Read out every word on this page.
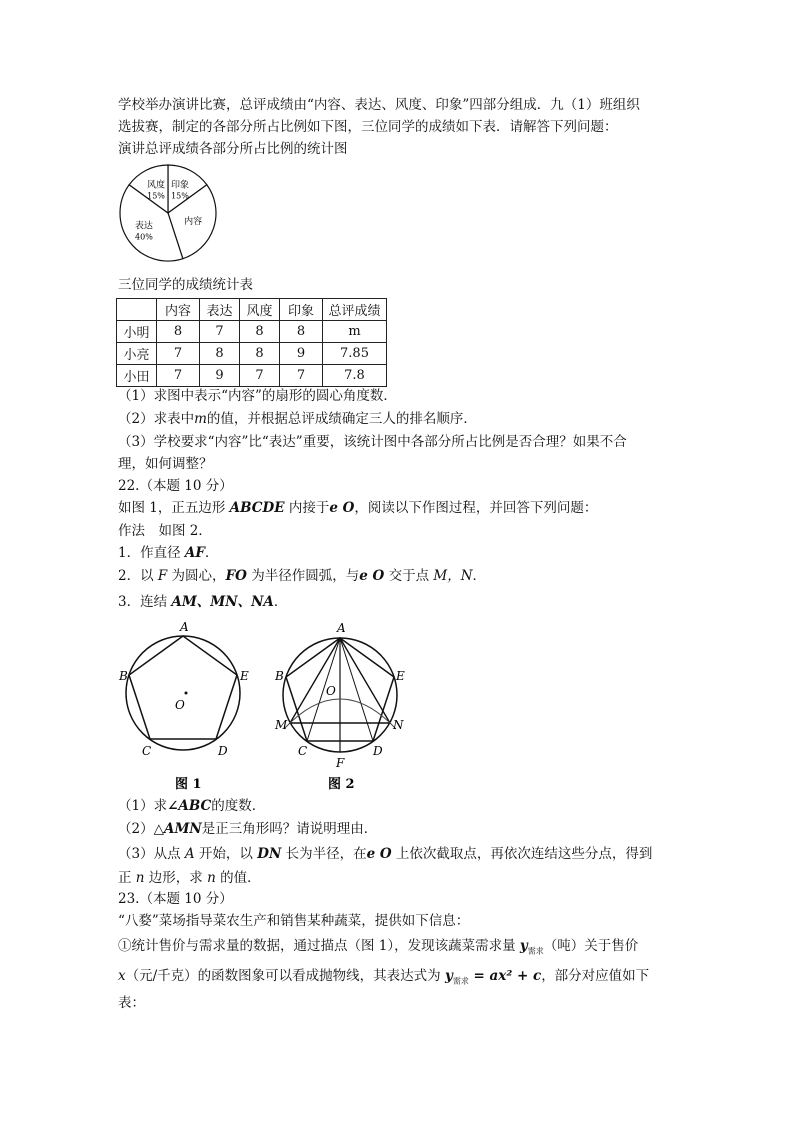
学校举办演讲比赛，总评成绩由“内容、表达、风度、印象”四部分组成．九（1）班组织
选拔赛，制定的各部分所占比例如下图，三位同学的成绩如下表．请解答下列问题：
演讲总评成绩各部分所占比例的统计图
印象
15%
内容
表达
40%
风度
15%
三位同学的成绩统计表
	内容	表达	风度	印象	总评成绩
小明	8	7	8	8	m
小亮	7	8	8	9	7.85
小田	7	9	7	7	7.8
（1）求图中表示“内容”的扇形的圆心角度数．
（2）求表中m的值，并根据总评成绩确定三人的排名顺序．
（3）学校要求“内容”比“表达”重要，该统计图中各部分所占比例是否合理？如果不合
理，如何调整？
22.（本题 10 分）
如图 1，正五边形 ABCDE 内接于e O，阅读以下作图过程，并回答下列问题：
作法　如图 2．
1．作直径 AF．
2．以 F 为圆心，FO 为半径作圆弧，与e O 交于点 M，N．
3．连结 AM、MN、NA．
A
B	E
C	D
O
图 1
A
B	E
O
M	N
C	D
F
图 2
（1）求∠ABC的度数．
（2）△AMN是正三角形吗？请说明理由．
（3）从点 A 开始，以 DN 长为半径，在e O 上依次截取点，再依次连结这些分点，得到
正 n 边形，求 n 的值．
23.（本题 10 分）
“八婺”菜场指导菜农生产和销售某种蔬菜，提供如下信息：
①统计售价与需求量的数据，通过描点（图 1），发现该蔬菜需求量 $y_{需求}$（吨）关于售价
x（元/千克）的函数图象可以看成抛物线，其表达式为 $y_{需求} = ax^2 + c$，部分对应值如下
表：
